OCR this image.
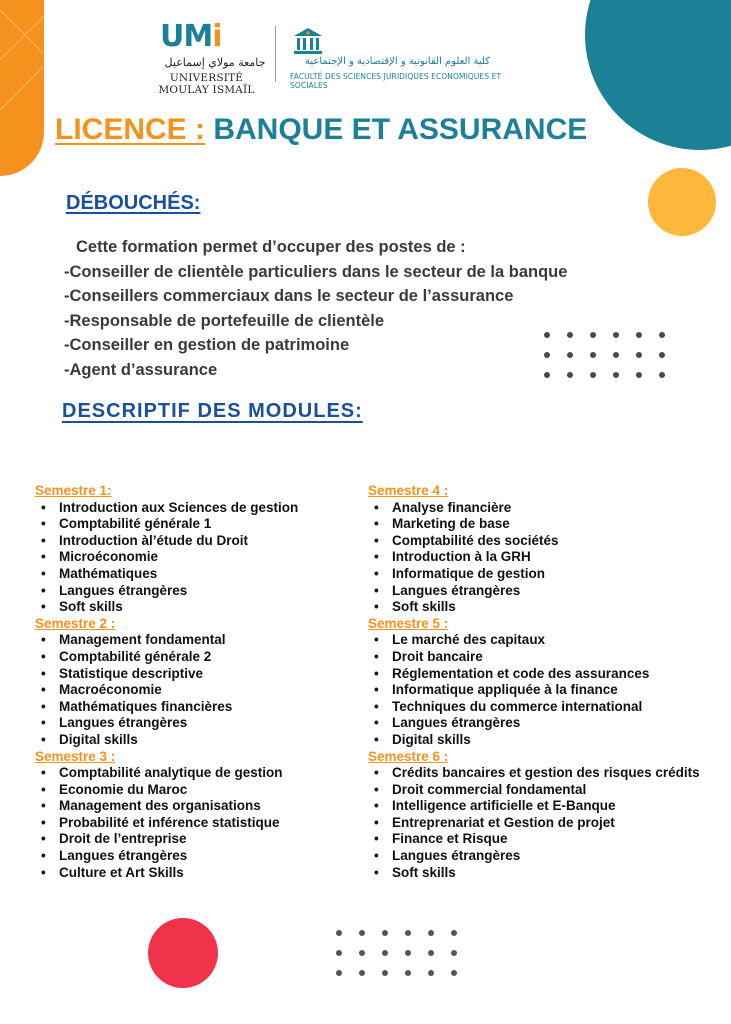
UMi
جامعة مولاي إسماعيل
UNIVERSITÉ MOULAY ISMAÏL
كلية العلوم القانونية و الإقتصادية و الإجتماعية
FACULTÉ DES SCIENCES JURIDIQUES ECONOMIQUES ET SOCIALES
LICENCE : BANQUE ET ASSURANCE
DÉBOUCHÉS:
Cette formation permet d’occuper des postes de :
-Conseiller de clientèle particuliers dans le secteur de la banque
-Conseillers commerciaux dans le secteur de l’assurance
-Responsable de portefeuille de clientèle
-Conseiller en gestion de patrimoine
-Agent d’assurance
DESCRIPTIF DES MODULES:
Semestre 1:
• Introduction aux Sciences de gestion
• Comptabilité générale 1
• Introduction àl’étude du Droit
• Microéconomie
• Mathématiques
• Langues étrangères
• Soft skills
Semestre 2 :
• Management fondamental
• Comptabilité générale 2
• Statistique descriptive
• Macroéconomie
• Mathématiques financières
• Langues étrangères
• Digital skills
Semestre 3 :
• Comptabilité analytique de gestion
• Economie du Maroc
• Management des organisations
• Probabilité et inférence statistique
• Droit de l’entreprise
• Langues étrangères
• Culture et Art Skills
Semestre 4 :
• Analyse financière
• Marketing de base
• Comptabilité des sociétés
• Introduction à la GRH
• Informatique de gestion
• Langues étrangères
• Soft skills
Semestre 5 :
• Le marché des capitaux
• Droit bancaire
• Réglementation et code des assurances
• Informatique appliquée à la finance
• Techniques du commerce international
• Langues étrangères
• Digital skills
Semestre 6 :
• Crédits bancaires et gestion des risques crédits
• Droit commercial fondamental
• Intelligence artificielle et E-Banque
• Entreprenariat et Gestion de projet
• Finance et Risque
• Langues étrangères
• Soft skills
